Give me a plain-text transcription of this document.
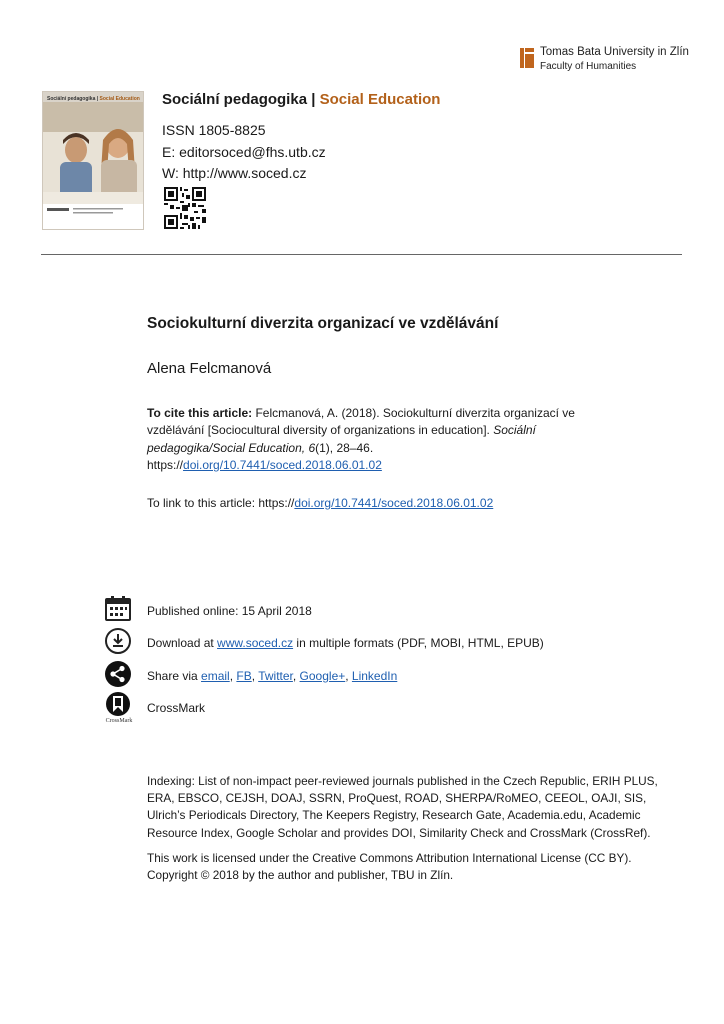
Tomas Bata University in Zlín
Faculty of Humanities
Sociální pedagogika | Social Education Sociální pedagogika | Social Education
ISSN 1805-8825
E: editorsoced@fhs.utb.cz
W: http://www.soced.cz
Sociokulturní diverzita organizací ve vzdělávání
Alena Felcmanová
To cite this article: Felcmanová, A. (2018). Sociokulturní diverzita organizací ve vzdělávání [Sociocultural diversity of organizations in education]. Sociální pedagogika/Social Education, 6(1), 28–46.
https://doi.org/10.7441/soced.2018.06.01.02
To link to this article: https://doi.org/10.7441/soced.2018.06.01.02
CrossMark
Published online: 15 April 2018
Download at www.soced.cz in multiple formats (PDF, MOBI, HTML, EPUB)
Share via email, FB, Twitter, Google+, LinkedIn
CrossMark
Indexing: List of non-impact peer-reviewed journals published in the Czech Republic, ERIH PLUS, ERA, EBSCO, CEJSH, DOAJ, SSRN, ProQuest, ROAD, SHERPA/RoMEO, CEEOL, OAJI, SIS, Ulrich’s Periodicals Directory, The Keepers Registry, Research Gate, Academia.edu, Academic Resource Index, Google Scholar and provides DOI, Similarity Check and CrossMark (CrossRef).
This work is licensed under the Creative Commons Attribution International License (CC BY). Copyright © 2018 by the author and publisher, TBU in Zlín.
